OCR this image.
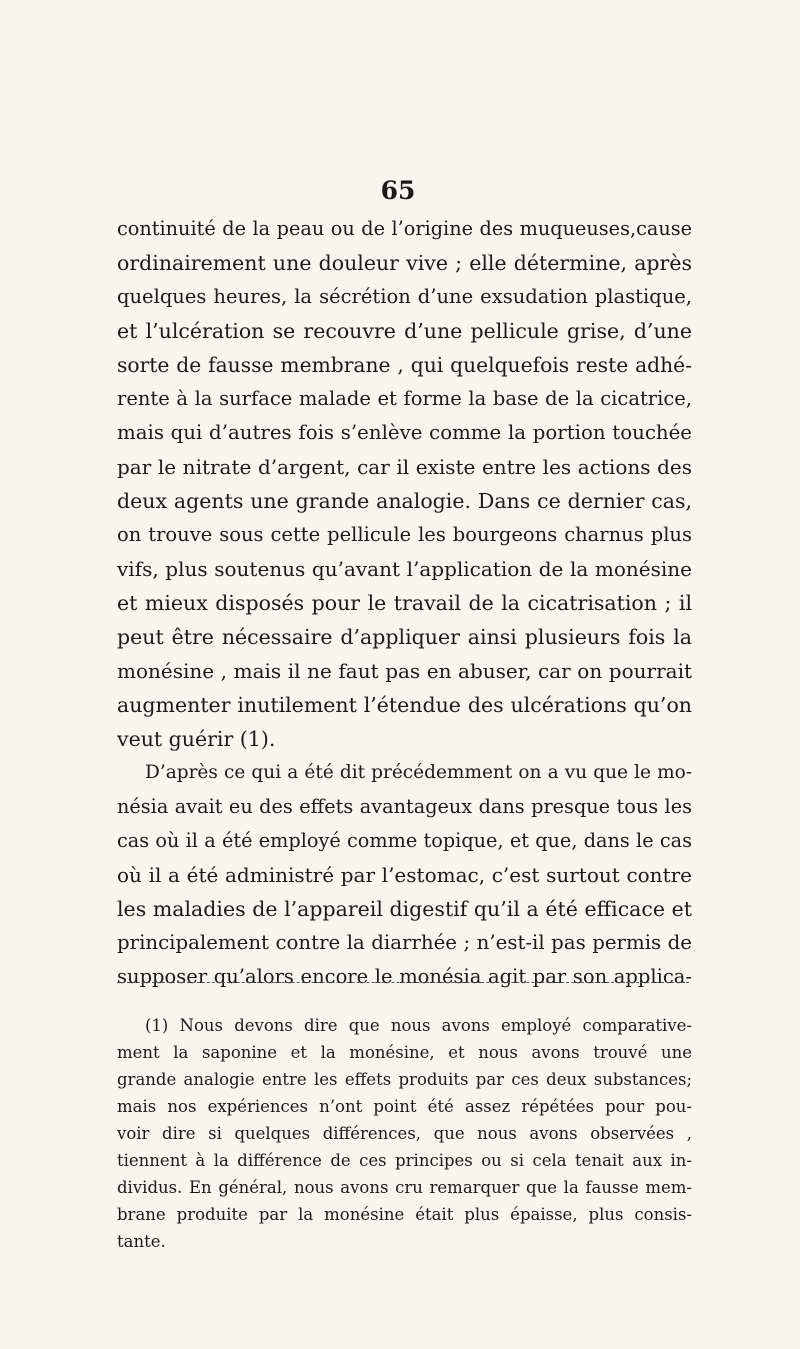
65
continuité de la peau ou de l’origine des muqueuses,cause
ordinairement une douleur vive ; elle détermine, après
quelques heures, la sécrétion d’une exsudation plastique,
et l’ulcération se recouvre d’une pellicule grise, d’une
sorte de fausse membrane , qui quelquefois reste adhé-
rente à la surface malade et forme la base de la cicatrice,
mais qui d’autres fois s’enlève comme la portion touchée
par le nitrate d’argent, car il existe entre les actions des
deux agents une grande analogie. Dans ce dernier cas,
on trouve sous cette pellicule les bourgeons charnus plus
vifs, plus soutenus qu’avant l’application de la monésine
et mieux disposés pour le travail de la cicatrisation ; il
peut être nécessaire d’appliquer ainsi plusieurs fois la
monésine , mais il ne faut pas en abuser, car on pourrait
augmenter inutilement l’étendue des ulcérations qu’on
veut guérir (1).
D’après ce qui a été dit précédemment on a vu que le mo-
nésia avait eu des effets avantageux dans presque tous les
cas où il a été employé comme topique, et que, dans le cas
où il a été administré par l’estomac, c’est surtout contre
les maladies de l’appareil digestif qu’il a été efficace et
principalement contre la diarrhée ; n’est-il pas permis de
supposer qu’alors encore le monésia agit par son applica-
(1) Nous devons dire que nous avons employé comparative-
ment la saponine et la monésine, et nous avons trouvé une
grande analogie entre les effets produits par ces deux substances;
mais nos expériences n’ont point été assez répétées pour pou-
voir dire si quelques différences, que nous avons observées ,
tiennent à la différence de ces principes ou si cela tenait aux in-
dividus. En général, nous avons cru remarquer que la fausse mem-
brane produite par la monésine était plus épaisse, plus consis-
tante.
